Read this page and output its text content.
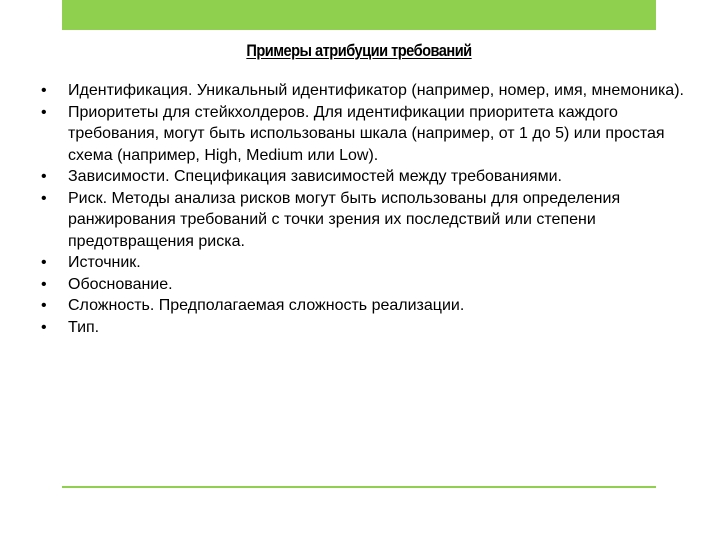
Примеры атрибуции требований
• Идентификация. Уникальный идентификатор (например, номер, имя, мнемоника).
• Приоритеты для стейкхолдеров. Для идентификации приоритета каждого требования, могут быть использованы шкала (например, от 1 до 5) или простая схема (например, High, Medium или Low).
• Зависимости. Спецификация зависимостей между требованиями.
• Риск. Методы анализа рисков могут быть использованы для определения ранжирования требований с точки зрения их последствий или степени предотвращения риска.
• Источник.
• Обоснование.
• Сложность. Предполагаемая сложность реализации.
• Тип.
